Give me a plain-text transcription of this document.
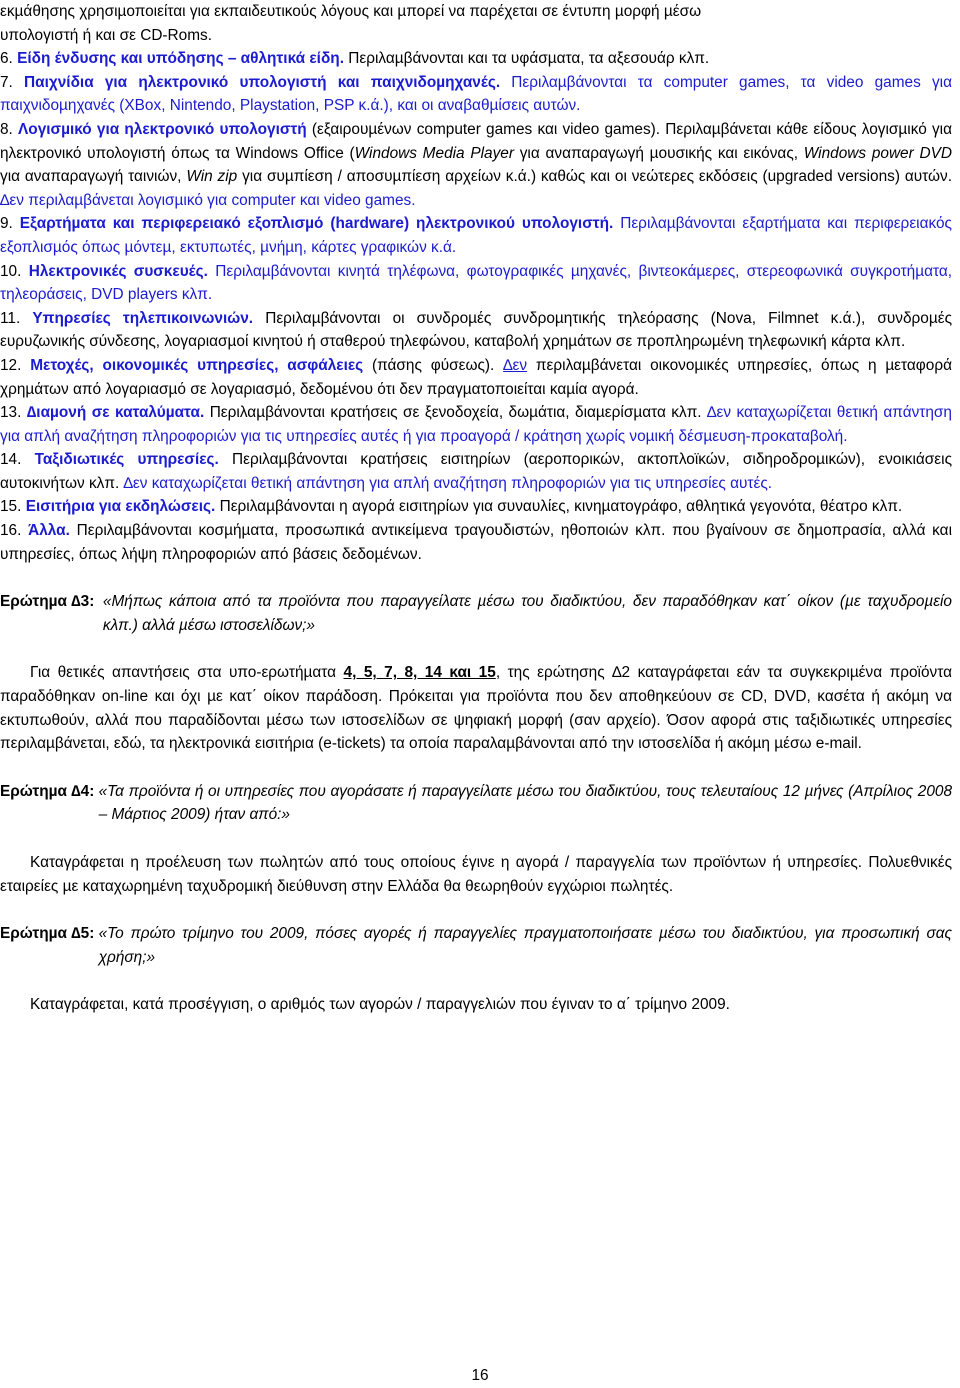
εκµάθησης χρησιµοποιείται για εκπαιδευτικούς λόγους και µπορεί να παρέχεται σε έντυπη µορφή µέσω
υπολογιστή ή και σε CD-Roms.

6. Είδη ένδυσης και υπόδησης – αθλητικά είδη. Περιλαµβάνονται και τα υφάσµατα, τα αξεσουάρ κλπ.

7. Παιχνίδια για ηλεκτρονικό υπολογιστή και παιχνιδοµηχανές. Περιλαµβάνονται τα computer games, τα video games για παιχνιδοµηχανές (XBox, Nintendo, Playstation, PSP κ.ά.), και οι αναβαθµίσεις αυτών.

8. Λογισµικό για ηλεκτρονικό υπολογιστή (εξαιρουµένων computer games και video games). Περιλαµβάνεται κάθε είδους λογισµικό για ηλεκτρονικό υπολογιστή όπως τα Windows Office (Windows Media Player για αναπαραγωγή µουσικής και εικόνας, Windows power DVD για αναπαραγωγή ταινιών, Win zip για συµπίεση / αποσυµπίεση αρχείων κ.ά.) καθώς και οι νεώτερες εκδόσεις (upgraded versions) αυτών. ∆εν περιλαµβάνεται λογισµικό για computer και video games.

9. Εξαρτήµατα και περιφερειακό εξοπλισµό (hardware) ηλεκτρονικού υπολογιστή. Περιλαµβάνονται εξαρτήµατα και περιφερειακός εξοπλισµός όπως µόντεµ, εκτυπωτές, µνήµη, κάρτες γραφικών κ.ά.

10. Ηλεκτρονικές συσκευές. Περιλαµβάνονται κινητά τηλέφωνα, φωτογραφικές µηχανές, βιντεοκάµερες, στερεοφωνικά συγκροτήµατα, τηλεοράσεις, DVD players κλπ.

11. Υπηρεσίες τηλεπικοινωνιών. Περιλαµβάνονται οι συνδροµές συνδροµητικής τηλεόρασης (Nova, Filmnet κ.ά.), συνδροµές ευρυζωνικής σύνδεσης, λογαριασµοί κινητού ή σταθερού τηλεφώνου, καταβολή χρηµάτων σε προπληρωµένη τηλεφωνική κάρτα κλπ.

12. Μετοχές, οικονοµικές υπηρεσίες, ασφάλειες (πάσης φύσεως). ∆εν περιλαµβάνεται οικονοµικές υπηρεσίες, όπως η µεταφορά χρηµάτων από λογαριασµό σε λογαριασµό, δεδοµένου ότι δεν πραγµατοποιείται καµία αγορά.

13. ∆ιαµονή σε καταλύµατα. Περιλαµβάνονται κρατήσεις σε ξενοδοχεία, δωµάτια, διαµερίσµατα κλπ. ∆εν καταχωρίζεται θετική απάντηση για απλή αναζήτηση πληροφοριών για τις υπηρεσίες αυτές ή για προαγορά / κράτηση χωρίς νοµική δέσµευση-προκαταβολή.

14. Ταξιδιωτικές υπηρεσίες. Περιλαµβάνονται κρατήσεις εισιτηρίων (αεροπορικών, ακτοπλοϊκών, σιδηροδροµικών), ενοικιάσεις αυτοκινήτων κλπ. ∆εν καταχωρίζεται θετική απάντηση για απλή αναζήτηση πληροφοριών για τις υπηρεσίες αυτές.

15. Εισιτήρια για εκδηλώσεις. Περιλαµβάνονται η αγορά εισιτηρίων για συναυλίες, κινηµατογράφο, αθλητικά γεγονότα, θέατρο κλπ.

16. Άλλα. Περιλαµβάνονται κοσµήµατα, προσωπικά αντικείµενα τραγουδιστών, ηθοποιών κλπ. που βγαίνουν σε δηµοπρασία, αλλά και υπηρεσίες, όπως λήψη πληροφοριών από βάσεις δεδοµένων.

Ερώτηµα ∆3: «Μήπως κάποια από τα προϊόντα που παραγγείλατε µέσω του διαδικτύου, δεν παραδόθηκαν κατ΄ οίκον (µε ταχυδροµείο κλπ.) αλλά µέσω ιστοσελίδων;»

Για θετικές απαντήσεις στα υπο-ερωτήµατα 4, 5, 7, 8, 14 και 15, της ερώτησης ∆2 καταγράφεται εάν τα συγκεκριµένα προϊόντα παραδόθηκαν on-line και όχι µε κατ΄ οίκον παράδοση. Πρόκειται για προϊόντα που δεν αποθηκεύουν σε CD, DVD, κασέτα ή ακόµη να εκτυπωθούν, αλλά που παραδίδονται µέσω των ιστοσελίδων σε ψηφιακή µορφή (σαν αρχείο). Όσον αφορά στις ταξιδιωτικές υπηρεσίες περιλαµβάνεται, εδώ, τα ηλεκτρονικά εισιτήρια (e-tickets) τα οποία παραλαµβάνονται από την ιστοσελίδα ή ακόµη µέσω e-mail.

Ερώτηµα ∆4: «Τα προϊόντα ή οι υπηρεσίες που αγοράσατε ή παραγγείλατε µέσω του διαδικτύου, τους τελευταίους 12 µήνες (Απρίλιος 2008 – Μάρτιος 2009) ήταν από:»

Καταγράφεται η προέλευση των πωλητών από τους οποίους έγινε η αγορά / παραγγελία των προϊόντων ή υπηρεσίες. Πολυεθνικές εταιρείες µε καταχωρηµένη ταχυδροµική διεύθυνση στην Ελλάδα θα θεωρηθούν εγχώριοι πωλητές.

Ερώτηµα ∆5: «Το πρώτο τρίµηνο του 2009, πόσες αγορές ή παραγγελίες πραγµατοποιήσατε µέσω του διαδικτύου, για προσωπική σας χρήση;»

Καταγράφεται, κατά προσέγγιση, ο αριθµός των αγορών / παραγγελιών που έγιναν το α΄ τρίµηνο 2009.

16
